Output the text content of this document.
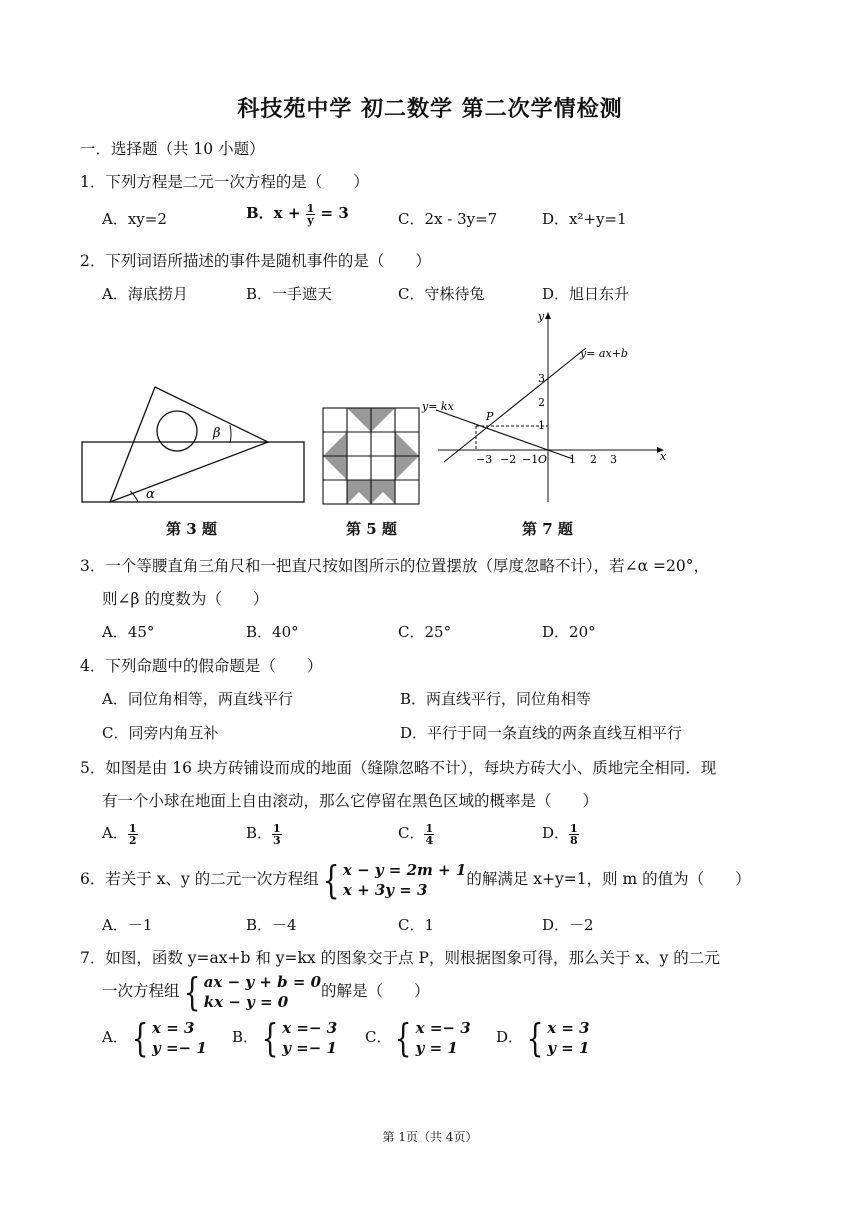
科技苑中学 初二数学 第二次学情检测
一．选择题（共 10 小题）
1．下列方程是二元一次方程的是（　　）
A．xy=2	B．$x + \frac{1}{y} = 3$	C．2x - 3y=7	D．x²+y=1
2．下列词语所描述的事件是随机事件的是（　　）
A．海底捞月	B．一手遮天	C．守株待兔	D．旭日东升
β
α
x
y
y= ax+b
y= kx
P
O
−3 −2 −1	1 2 3
3
2
1
第 3 题	第 5 题	第 7 题
3．一个等腰直角三角尺和一把直尺按如图所示的位置摆放（厚度忽略不计），若∠α =20°，
则∠β 的度数为（　　）
A．45°	B．40°	C．25°	D．20°
4．下列命题中的假命题是（　　）
A．同位角相等，两直线平行	B．两直线平行，同位角相等
C．同旁内角互补	D．平行于同一条直线的两条直线互相平行
5．如图是由 16 块方砖铺设而成的地面（缝隙忽略不计），每块方砖大小、质地完全相同．现
有一个小球在地面上自由滚动，那么它停留在黑色区域的概率是（　　）
A． $\frac{1}{2}$	B． $\frac{1}{3}$	C． $\frac{1}{4}$	D． $\frac{1}{8}$
6．若关于 x、y 的二元一次方程组{ x − y = 2m + 1
x + 3y = 3
的解满足 x+y=1，则 m 的值为（　　）
A．－1	B．－4	C．1	D．－2
7．如图，函数 y=ax+b 和 y=kx 的图象交于点 P，则根据图象可得，那么关于 x、y 的二元
一次方程组{ ax − y + b = 0
kx − y = 0
的解是（　　）
A．{ x = 3
y =− 1
B．{ x =− 3
y =− 1
C．{ x =− 3
y = 1
D．{ x = 3
y = 1
第 1页（共 4页）
